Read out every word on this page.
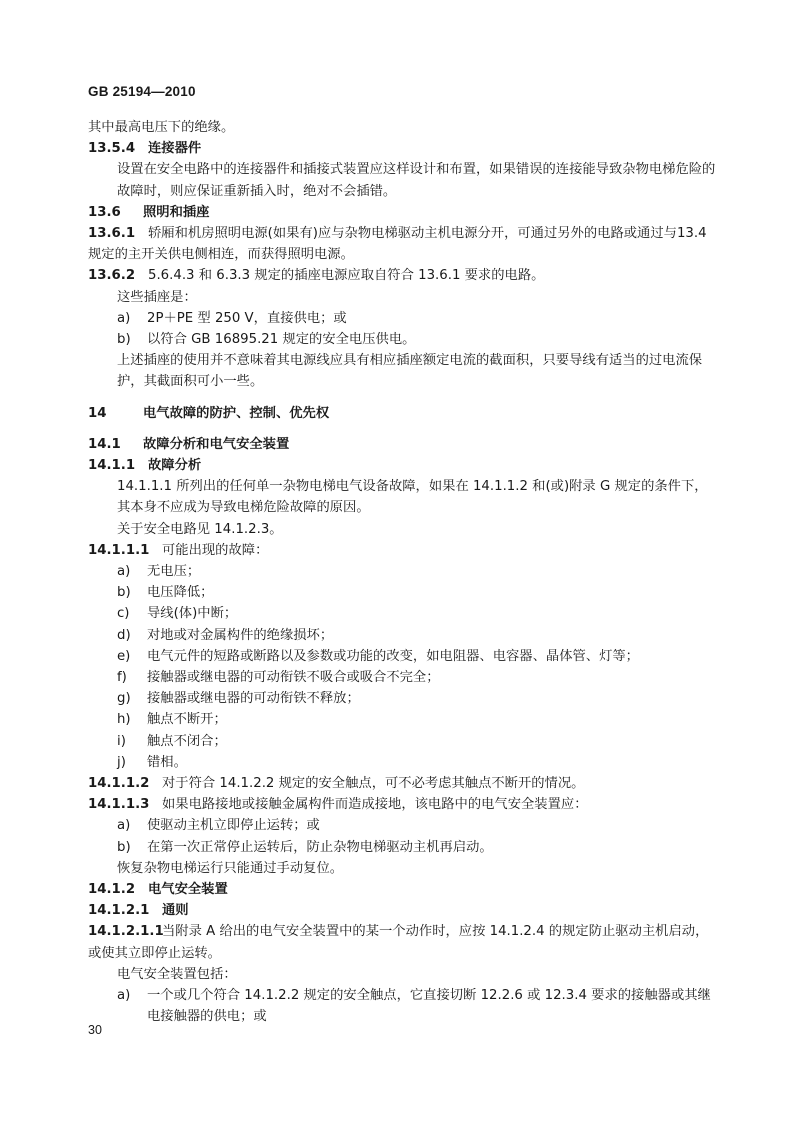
GB 25194—2010
其中最高电压下的绝缘。
13.5.4 连接器件
设置在安全电路中的连接器件和插接式装置应这样设计和布置，如果错误的连接能导致杂物电梯危险的故障时，则应保证重新插入时，绝对不会插错。
13.6 照明和插座
13.6.1 轿厢和机房照明电源(如果有)应与杂物电梯驱动主机电源分开，可通过另外的电路或通过与13.4规定的主开关供电侧相连，而获得照明电源。
13.6.2 5.6.4.3 和 6.3.3 规定的插座电源应取自符合 13.6.1 要求的电路。
这些插座是：
a)	2P＋PE 型 250 V，直接供电；或
b)	以符合 GB 16895.21 规定的安全电压供电。
上述插座的使用并不意味着其电源线应具有相应插座额定电流的截面积，只要导线有适当的过电流保护，其截面积可小一些。
14	电气故障的防护、控制、优先权
14.1 故障分析和电气安全装置
14.1.1 故障分析
14.1.1.1 所列出的任何单一杂物电梯电气设备故障，如果在 14.1.1.2 和(或)附录 G 规定的条件下，其本身不应成为导致电梯危险故障的原因。
关于安全电路见 14.1.2.3。
14.1.1.1 可能出现的故障：
a)	无电压；
b)	电压降低；
c)	导线(体)中断；
d)	对地或对金属构件的绝缘损坏；
e)	电气元件的短路或断路以及参数或功能的改变，如电阻器、电容器、晶体管、灯等；
f)	接触器或继电器的可动衔铁不吸合或吸合不完全；
g)	接触器或继电器的可动衔铁不释放；
h)	触点不断开；
i)	触点不闭合；
j)	错相。
14.1.1.2 对于符合 14.1.2.2 规定的安全触点，可不必考虑其触点不断开的情况。
14.1.1.3 如果电路接地或接触金属构件而造成接地，该电路中的电气安全装置应：
a)	使驱动主机立即停止运转；或
b)	在第一次正常停止运转后，防止杂物电梯驱动主机再启动。
恢复杂物电梯运行只能通过手动复位。
14.1.2 电气安全装置
14.1.2.1 通则
14.1.2.1.1当附录 A 给出的电气安全装置中的某一个动作时，应按 14.1.2.4 的规定防止驱动主机启动，或使其立即停止运转。
电气安全装置包括：
a)	一个或几个符合 14.1.2.2 规定的安全触点，它直接切断 12.2.6 或 12.3.4 要求的接触器或其继电接触器的供电；或
30
